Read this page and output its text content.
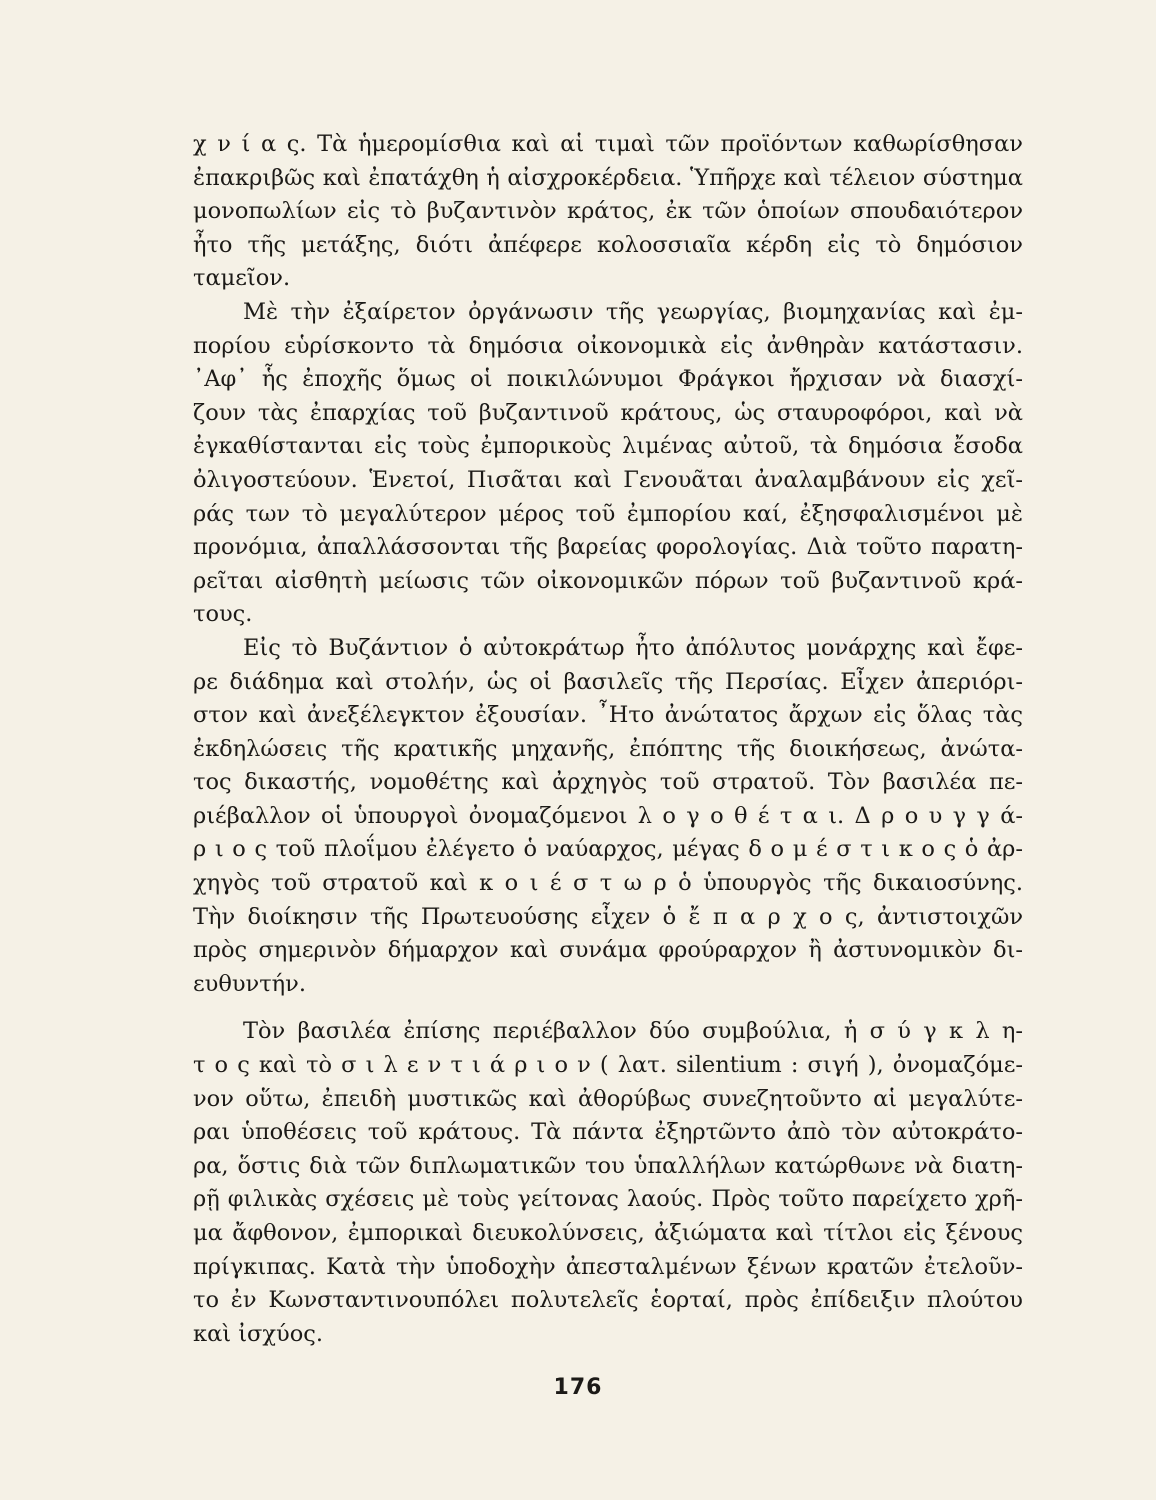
χ ν ί α ς. Τὰ ἡμερομίσθια καὶ αἱ τιμαὶ τῶν προϊόντων καθωρίσθησαν
ἐπακριβῶς καὶ ἐπατάχθη ἡ αἰσχροκέρδεια. Ὑπῆρχε καὶ τέλειον σύστημα
μονοπωλίων εἰς τὸ βυζαντινὸν κράτος, ἐκ τῶν ὁποίων σπουδαιότερον
ἦτο τῆς μετάξης, διότι ἀπέφερε κολοσσιαῖα κέρδη εἰς τὸ δημόσιον
ταμεῖον.
Μὲ τὴν ἐξαίρετον ὀργάνωσιν τῆς γεωργίας, βιομηχανίας καὶ ἐμ-
πορίου εὑρίσκοντο τὰ δημόσια οἰκονομικὰ εἰς ἀνθηρὰν κατάστασιν.
᾿Αφ᾿ ἧς ἐποχῆς ὅμως οἱ ποικιλώνυμοι Φράγκοι ἤρχισαν νὰ διασχί-
ζουν τὰς ἐπαρχίας τοῦ βυζαντινοῦ κράτους, ὡς σταυροφόροι, καὶ νὰ
ἐγκαθίστανται εἰς τοὺς ἐμπορικοὺς λιμένας αὐτοῦ, τὰ δημόσια ἔσοδα
ὀλιγοστεύουν. Ἑνετοί, Πισᾶται καὶ Γενουᾶται ἀναλαμβάνουν εἰς χεῖ-
ράς των τὸ μεγαλύτερον μέρος τοῦ ἐμπορίου καί, ἐξησφαλισμένοι μὲ
προνόμια, ἀπαλλάσσονται τῆς βαρείας φορολογίας. Διὰ τοῦτο παρατη-
ρεῖται αἰσθητὴ μείωσις τῶν οἰκονομικῶν πόρων τοῦ βυζαντινοῦ κρά-
τους.
Εἰς τὸ Βυζάντιον ὁ αὐτοκράτωρ ἦτο ἀπόλυτος μονάρχης καὶ ἔφε-
ρε διάδημα καὶ στολήν, ὡς οἱ βασιλεῖς τῆς Περσίας. Εἶχεν ἀπεριόρι-
στον καὶ ἀνεξέλεγκτον ἐξουσίαν. ῏Ητο ἀνώτατος ἄρχων εἰς ὅλας τὰς
ἐκδηλώσεις τῆς κρατικῆς μηχανῆς, ἐπόπτης τῆς διοικήσεως, ἀνώτα-
τος δικαστής, νομοθέτης καὶ ἀρχηγὸς τοῦ στρατοῦ. Τὸν βασιλέα πε-
ριέβαλλον οἱ ὑπουργοὶ ὀνομαζόμενοι λ ο γ ο θ έ τ α ι. Δ ρ ο υ γ γ ά-
ρ ι ο ς τοῦ πλοΐμου ἐλέγετο ὁ ναύαρχος, μέγας δ ο μ έ σ τ ι κ ο ς ὁ ἀρ-
χηγὸς τοῦ στρατοῦ καὶ κ ο ι έ σ τ ω ρ ὁ ὑπουργὸς τῆς δικαιοσύνης.
Τὴν διοίκησιν τῆς Πρωτευούσης εἶχεν ὁ ἔ π α ρ χ ο ς, ἀντιστοιχῶν
πρὸς σημερινὸν δήμαρχον καὶ συνάμα φρούραρχον ἢ ἀστυνομικὸν δι-
ευθυντήν.
Τὸν βασιλέα ἐπίσης περιέβαλλον δύο συμβούλια, ἡ σ ύ γ κ λ η-
τ ο ς καὶ τὸ σ ι λ ε ν τ ι ά ρ ι ο ν ( λατ. silentium : σιγή ), ὀνομαζόμε-
νον οὕτω, ἐπειδὴ μυστικῶς καὶ ἀθορύβως συνεζητοῦντο αἱ μεγαλύτε-
ραι ὑποθέσεις τοῦ κράτους. Τὰ πάντα ἐξηρτῶντο ἀπὸ τὸν αὐτοκράτο-
ρα, ὅστις διὰ τῶν διπλωματικῶν του ὑπαλλήλων κατώρθωνε νὰ διατη-
ρῇ φιλικὰς σχέσεις μὲ τοὺς γείτονας λαούς. Πρὸς τοῦτο παρείχετο χρῆ-
μα ἄφθονον, ἐμπορικαὶ διευκολύνσεις, ἀξιώματα καὶ τίτλοι εἰς ξένους
πρίγκιπας. Κατὰ τὴν ὑποδοχὴν ἀπεσταλμένων ξένων κρατῶν ἐτελοῦν-
το ἐν Κωνσταντινουπόλει πολυτελεῖς ἑορταί, πρὸς ἐπίδειξιν πλούτου
καὶ ἰσχύος.
176
